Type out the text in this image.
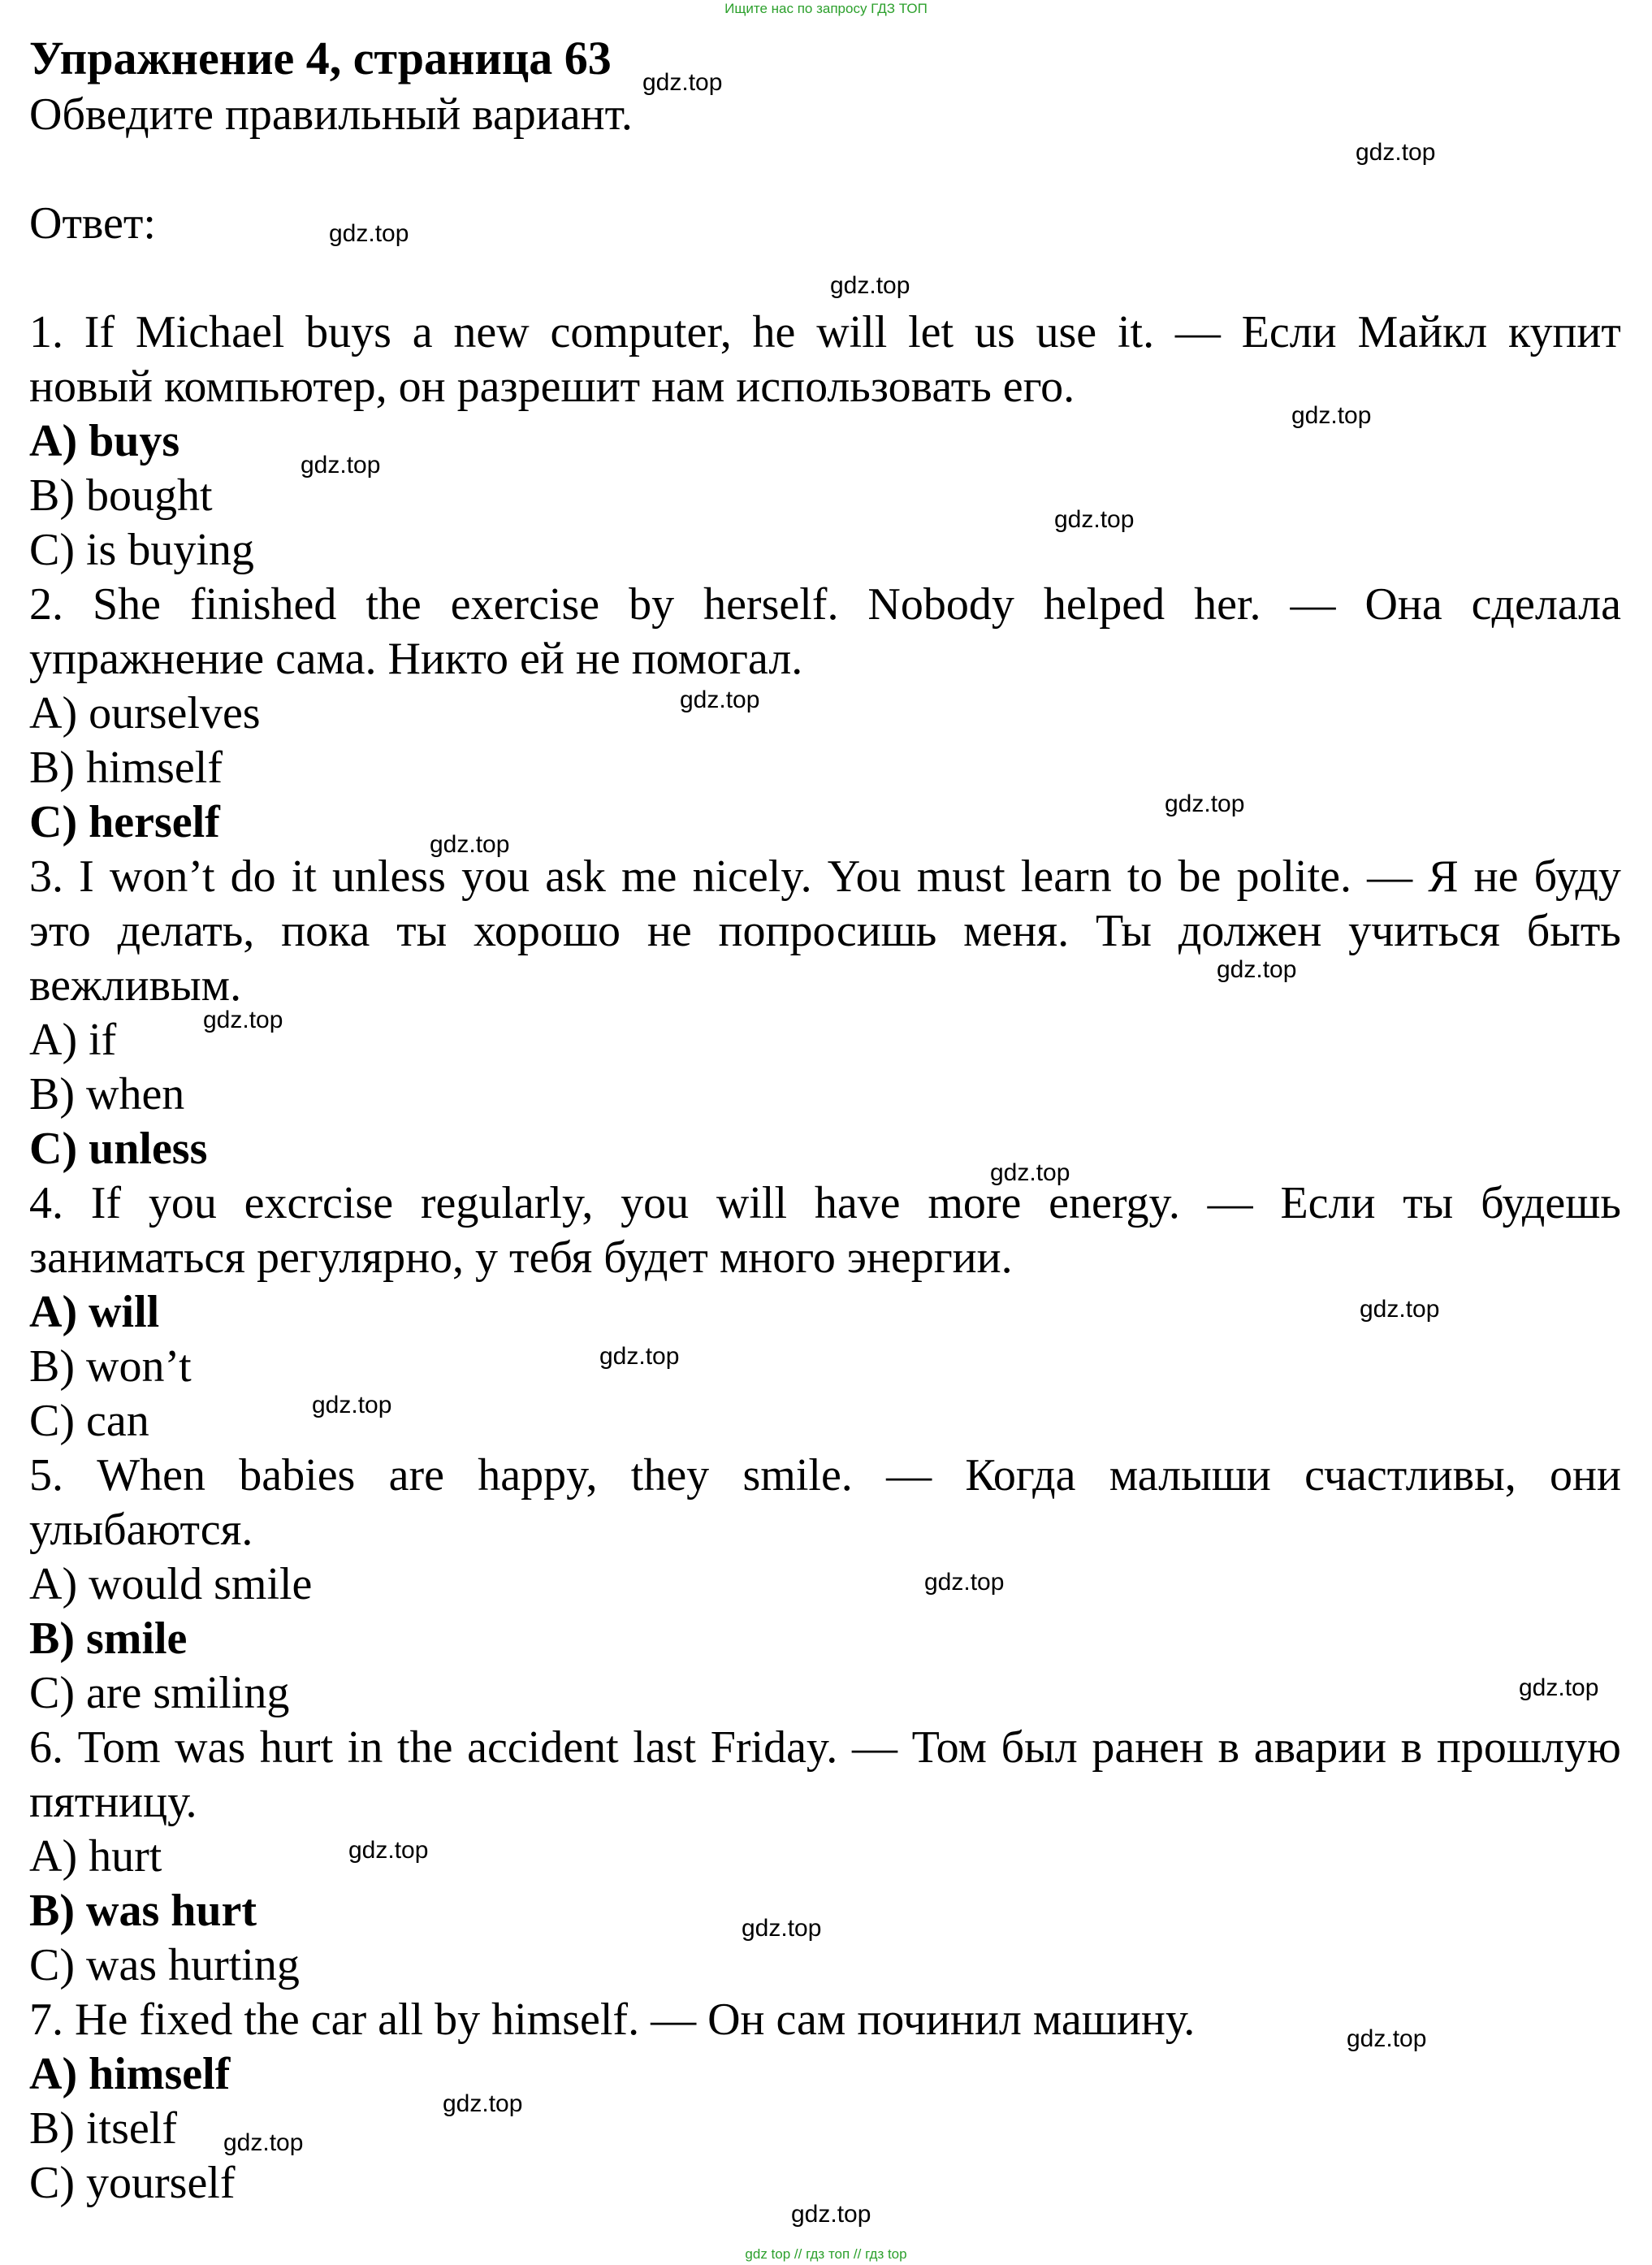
Ищите нас по запросу ГДЗ ТОП
Упражнение 4, страница 63
Обведите правильный вариант.
Ответ:
1. If Michael buys a new computer, he will let us use it. — Если Майкл купит
новый компьютер, он разрешит нам использовать его.
A) buys
B) bought
C) is buying
2. She finished the exercise by herself. Nobody helped her. — Она сделала
упражнение сама. Никто ей не помогал.
A) ourselves
B) himself
C) herself
3. I won’t do it unless you ask me nicely. You must learn to be polite. — Я не буду
это делать, пока ты хорошо не попросишь меня. Ты должен учиться быть
вежливым.
A) if
B) when
C) unless
4. If you excrcise regularly, you will have more energy. — Если ты будешь
заниматься регулярно, у тебя будет много энергии.
A) will
B) won’t
C) can
5. When babies are happy, they smile. — Когда малыши счастливы, они
улыбаются.
A) would smile
B) smile
C) are smiling
6. Tom was hurt in the accident last Friday. — Том был ранен в аварии в прошлую
пятницу.
A) hurt
B) was hurt
C) was hurting
7. He fixed the car all by himself. — Он сам починил машину.
A) himself
B) itself
C) yourself
gdz.top
gdz.top
gdz.top
gdz.top
gdz.top
gdz.top
gdz.top
gdz.top
gdz.top
gdz.top
gdz.top
gdz.top
gdz.top
gdz.top
gdz.top
gdz.top
gdz.top
gdz.top
gdz.top
gdz.top
gdz.top
gdz.top
gdz.top
gdz.top
gdz top // гдз топ // гдз top
